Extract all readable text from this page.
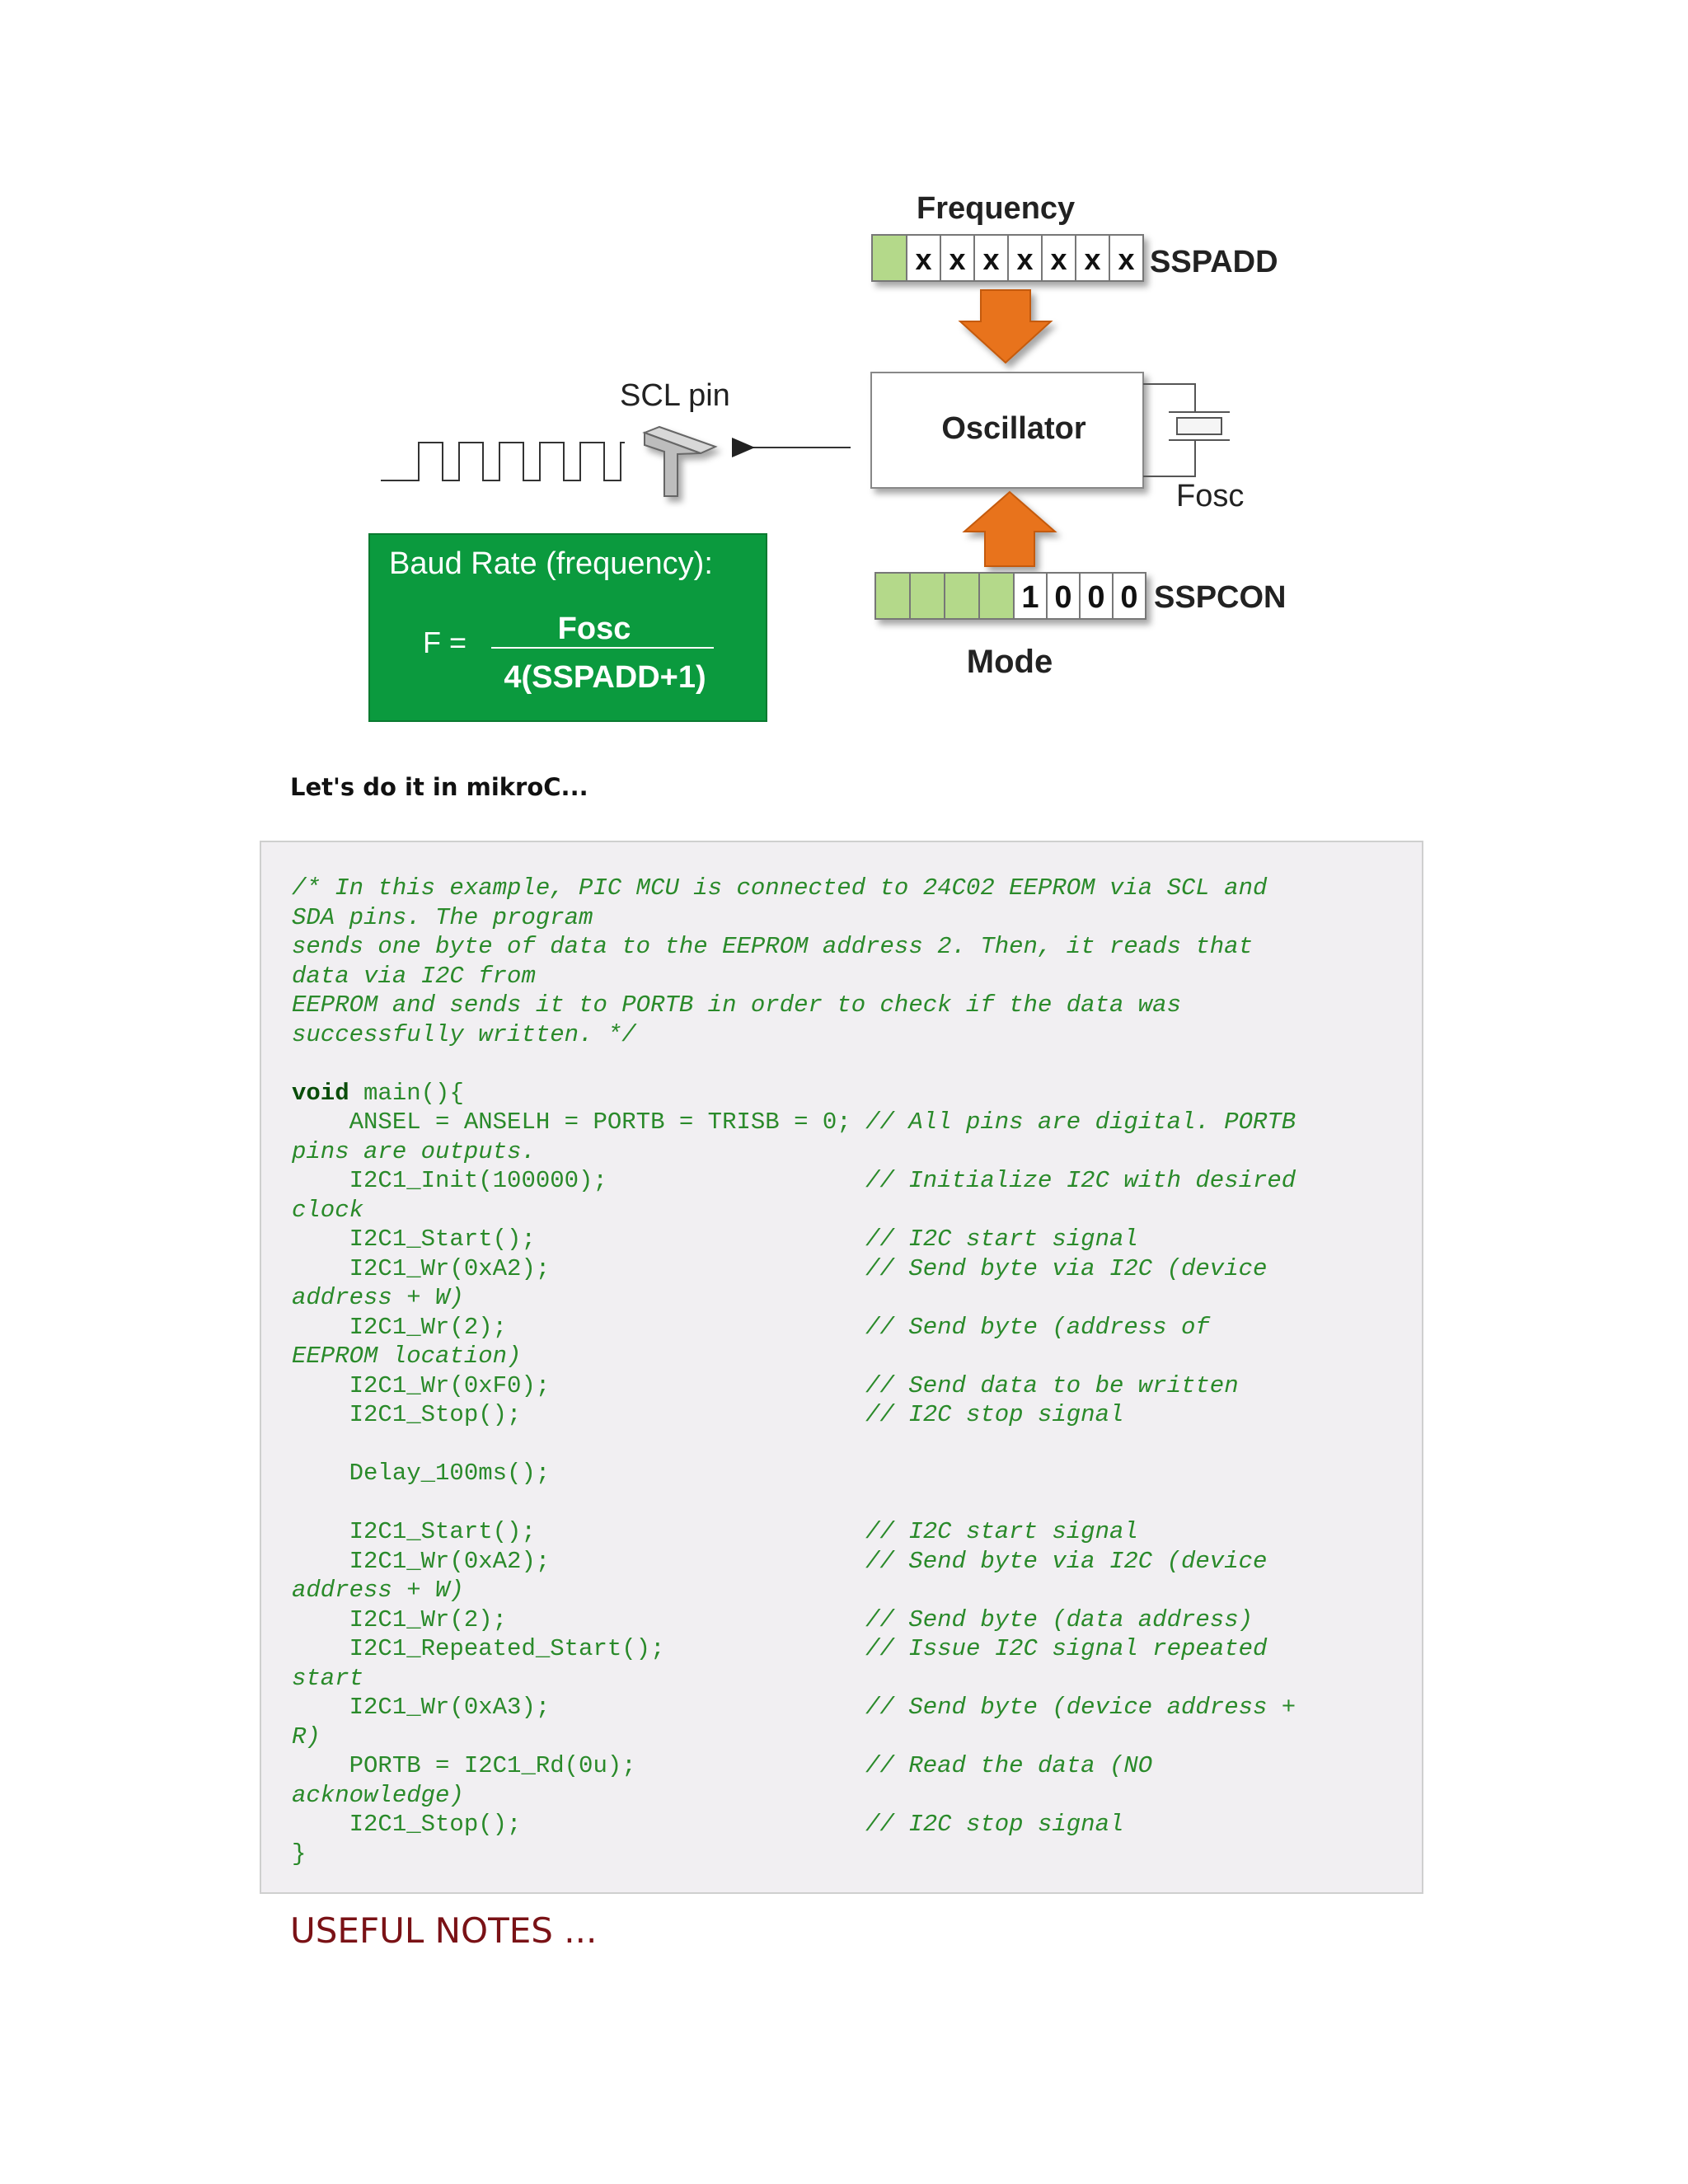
Frequency
x x x x x x x SSPADD
Oscillator
Fosc
1 0 0 0 SSPCON
Mode
SCL pin
Baud Rate (frequency):
F =	Fosc
4(SSPADD+1)

Let's do it in mikroC...

/* In this example, PIC MCU is connected to 24C02 EEPROM via SCL and
SDA pins. The program
sends one byte of data to the EEPROM address 2. Then, it reads that
data via I2C from
EEPROM and sends it to PORTB in order to check if the data was
successfully written. */
void main(){
ANSEL = ANSELH = PORTB = TRISB = 0; // All pins are digital. PORTB
pins are outputs.
I2C1_Init(100000);                  // Initialize I2C with desired
clock
I2C1_Start();                       // I2C start signal
I2C1_Wr(0xA2);                      // Send byte via I2C (device
address + W)
I2C1_Wr(2);                         // Send byte (address of
EEPROM location)
I2C1_Wr(0xF0);                      // Send data to be written
I2C1_Stop();                        // I2C stop signal
Delay_100ms();
I2C1_Start();                       // I2C start signal
I2C1_Wr(0xA2);                      // Send byte via I2C (device
address + W)
I2C1_Wr(2);                         // Send byte (data address)
I2C1_Repeated_Start();              // Issue I2C signal repeated
start
I2C1_Wr(0xA3);                      // Send byte (device address +
R)
PORTB = I2C1_Rd(0u);                // Read the data (NO
acknowledge)
I2C1_Stop();                        // I2C stop signal
}
USEFUL NOTES ...
